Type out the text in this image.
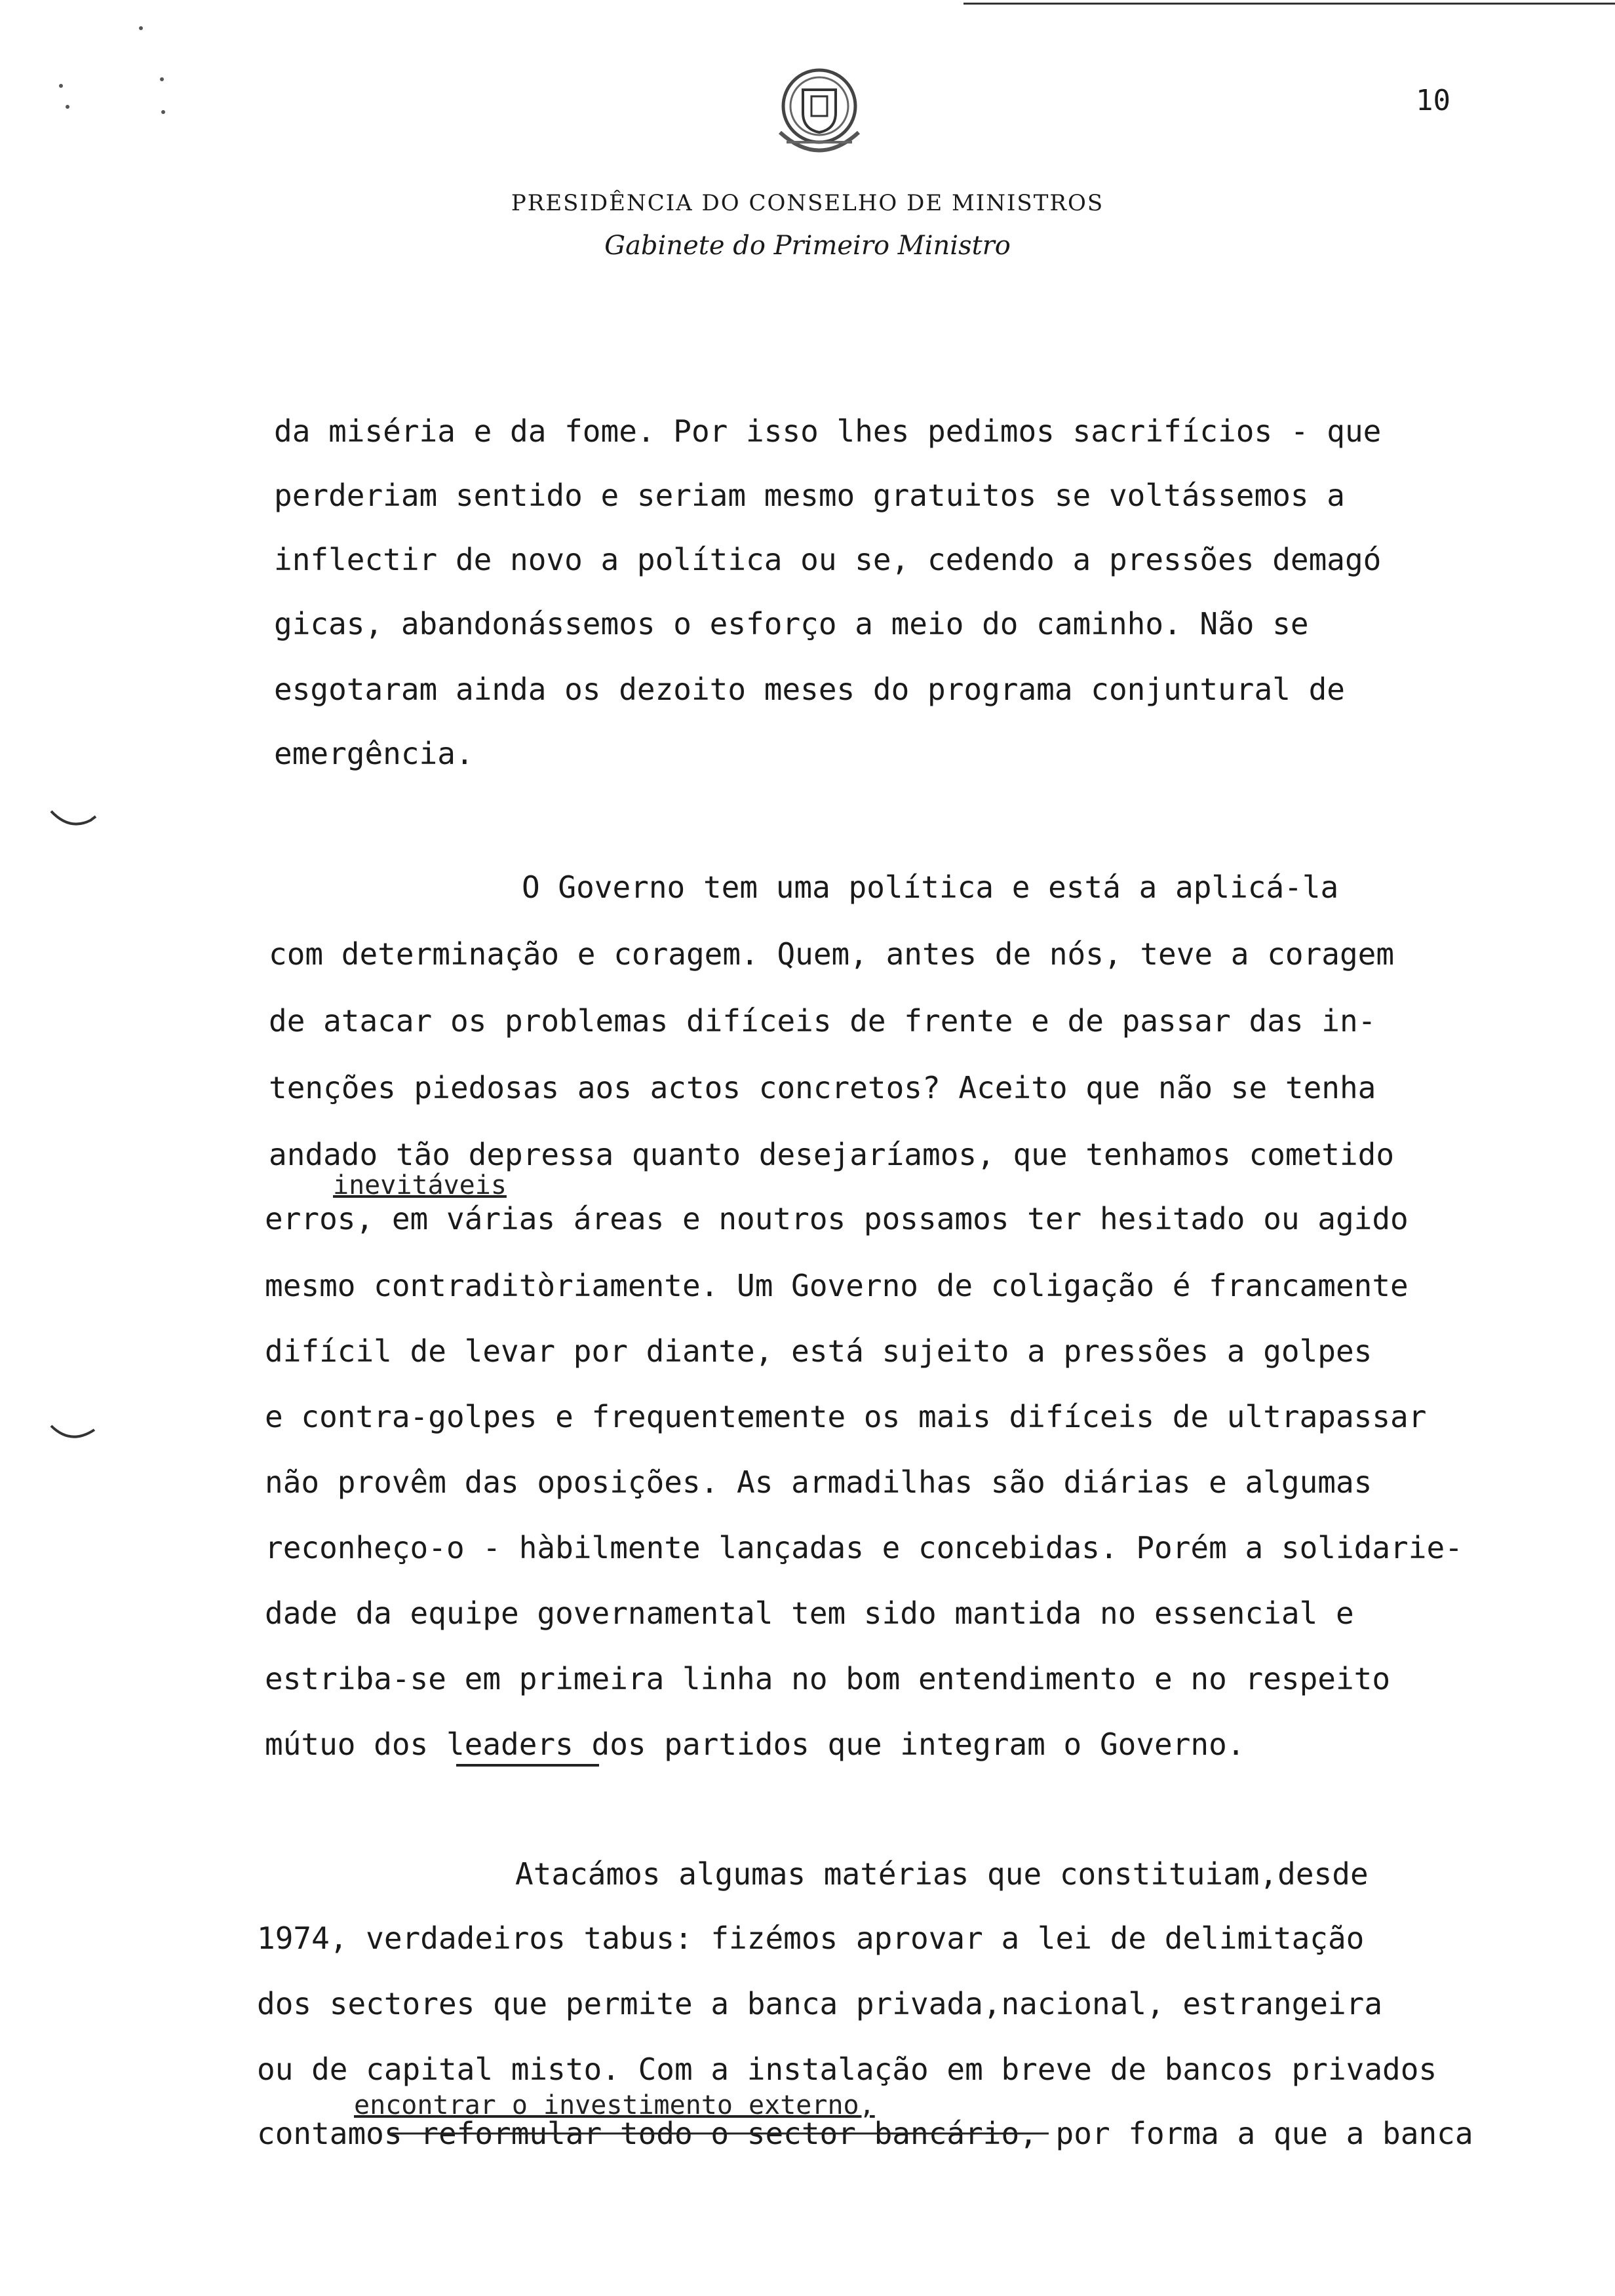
10
PRESIDÊNCIA DO CONSELHO DE MINISTROS
Gabinete do Primeiro Ministro
da miséria e da fome. Por isso lhes pedimos sacrifícios - que
perderiam sentido e seriam mesmo gratuitos se voltássemos a
inflectir de novo a política ou se, cedendo a pressões demagó
gicas, abandonássemos o esforço a meio do caminho. Não se
esgotaram ainda os dezoito meses do programa conjuntural de
emergência.
O Governo tem uma política e está a aplicá-la
com determinação e coragem. Quem, antes de nós, teve a coragem
de atacar os problemas difíceis de frente e de passar das in-
tenções piedosas aos actos concretos? Aceito que não se tenha
andado tão depressa quanto desejaríamos, que tenhamos cometido
inevitáveis
erros, em várias áreas e noutros possamos ter hesitado ou agido
mesmo contraditòriamente. Um Governo de coligação é francamente
difícil de levar por diante, está sujeito a pressões a golpes
e contra-golpes e frequentemente os mais difíceis de ultrapassar
não provêm das oposições. As armadilhas são diárias e algumas
reconheço-o - hàbilmente lançadas e concebidas. Porém a solidarie-
dade da equipe governamental tem sido mantida no essencial e
estriba-se em primeira linha no bom entendimento e no respeito
mútuo dos leaders dos partidos que integram o Governo.
Atacámos algumas matérias que constituiam,desde
1974, verdadeiros tabus: fizémos aprovar a lei de delimitação
dos sectores que permite a banca privada,nacional, estrangeira
ou de capital misto. Com a instalação em breve de bancos privados
encontrar o investimento externo,
contamos reformular todo o sector bancário, por forma a que a banca
